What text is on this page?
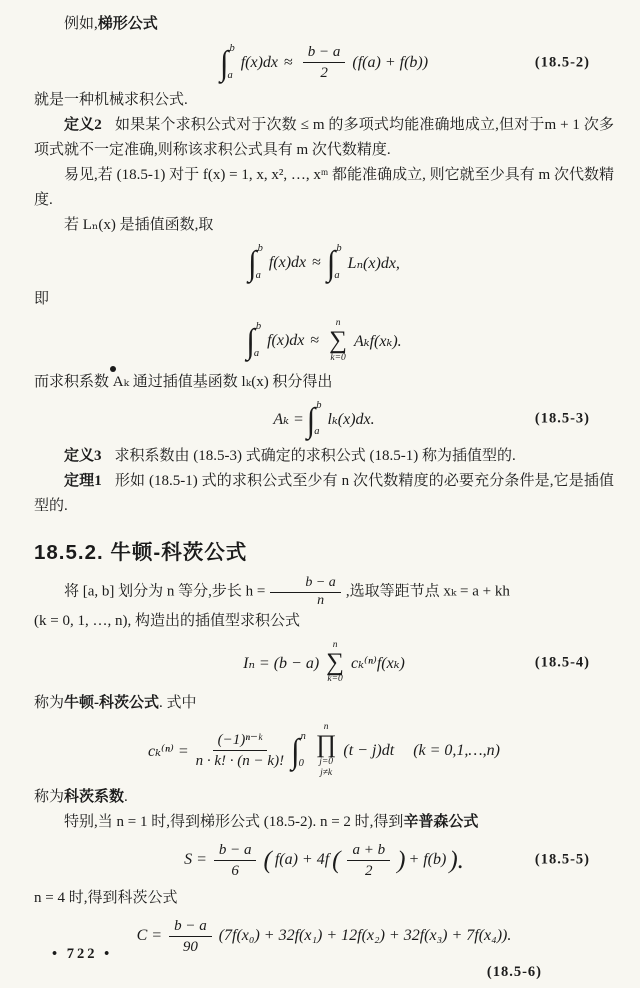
例如,梯形公式

∫ b
a
$f(x)dx \approx \frac{b - a}{2} (f(a) + f(b))$	(18.5-2)

就是一种机械求积公式.

定义2 如果某个求积公式对于次数 ≤ m 的多项式均能准确地成立,但对于m + 1 次多项式就不一定准确,则称该求积公式具有 m 次代数精度.

易见,若 (18.5-1) 对于 f(x) = 1, x, x², …, xᵐ 都能准确成立, 则它就至少具有 m 次代数精度.

若 Lₙ(x) 是插值函数,取

∫ b
a
f(x)dx ≈ ∫ b
a
Lₙ(x)dx,

即

∫ b
a
f(x)dx ≈
n
∑
k=0
Aₖf(xₖ).

而求积系数 Aₖ 通过插值基函数 lₖ(x) 积分得出

Aₖ = ∫ b
a
lₖ(x)dx.	(18.5-3)

定义3 求积系数由 (18.5-3) 式确定的求积公式 (18.5-1) 称为插值型的.

定理1 形如 (18.5-1) 式的求积公式至少有 n 次代数精度的必要充分条件是,它是插值型的.

18.5.2. 牛顿-科茨公式

将 [a, b] 划分为 n 等分,步长 $h = \frac{b - a}{n}$ ,选取等距节点 xₖ = a + kh
(k = 0, 1, …, n), 构造出的插值型求积公式

Iₙ = (b − a)
n
∑
k=0
cₖ⁽ⁿ⁾f(xₖ)	(18.5-4)

称为牛顿-科茨公式. 式中

$c_k^{(n)} = \frac{\text{(−1)ⁿ⁻ᵏ}}{n \cdot k! \cdot (n - k)!}$ ∫ n
0
n
∏
j=0
j≠k
(t − j)dt (k = 0,1,…,n)

称为科茨系数.

特别,当 n = 1 时,得到梯形公式 (18.5-2). n = 2 时,得到辛普森公式

$S = \frac{b - a}{6}$ ( f(a) + 4f ( $\frac{a + b}{2}$ ) + f(b) ).	(18.5-5)

n = 4 时,得到科茨公式

$C = \frac{b - a}{90} (7f(x_0) + 32f(x_1) + 12f(x_2) + 32f(x_3) + 7f(x_4))$.
(18.5-6)
• 722 •
